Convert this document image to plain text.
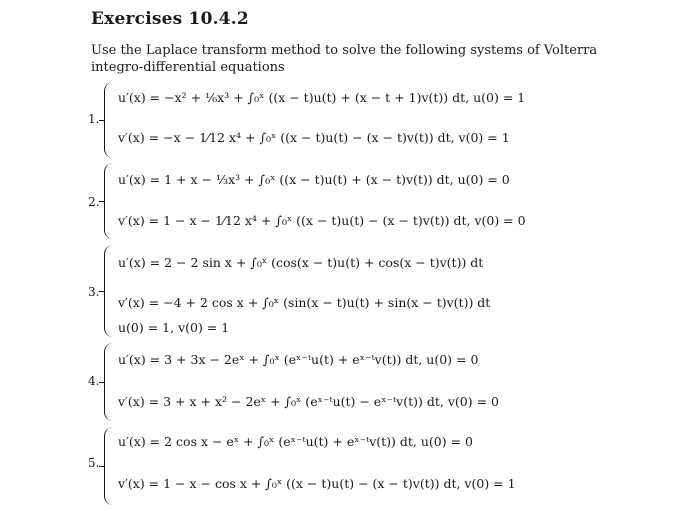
Exercises 10.4.2
Use the Laplace transform method to solve the following systems of Volterra integro-differential equations
1.
u′(x) = −x² + ⅙x³ + ∫₀ˣ ((x − t)u(t) + (x − t + 1)v(t)) dt, u(0) = 1
v′(x) = −x − 1⁄12 x⁴ + ∫₀ˣ ((x − t)u(t) − (x − t)v(t)) dt, v(0) = 1
2.
u′(x) = 1 + x − ⅓x³ + ∫₀ˣ ((x − t)u(t) + (x − t)v(t)) dt, u(0) = 0
v′(x) = 1 − x − 1⁄12 x⁴ + ∫₀ˣ ((x − t)u(t) − (x − t)v(t)) dt, v(0) = 0
3.
u′(x) = 2 − 2 sin x + ∫₀ˣ (cos(x − t)u(t) + cos(x − t)v(t)) dt
v′(x) = −4 + 2 cos x + ∫₀ˣ (sin(x − t)u(t) + sin(x − t)v(t)) dt
u(0) = 1, v(0) = 1
4.
u′(x) = 3 + 3x − 2eˣ + ∫₀ˣ (eˣ⁻ᵗu(t) + eˣ⁻ᵗv(t)) dt, u(0) = 0
v′(x) = 3 + x + x² − 2eˣ + ∫₀ˣ (eˣ⁻ᵗu(t) − eˣ⁻ᵗv(t)) dt, v(0) = 0
5.
u′(x) = 2 cos x − eˣ + ∫₀ˣ (eˣ⁻ᵗu(t) + eˣ⁻ᵗv(t)) dt, u(0) = 0
v′(x) = 1 − x − cos x + ∫₀ˣ ((x − t)u(t) − (x − t)v(t)) dt, v(0) = 1
